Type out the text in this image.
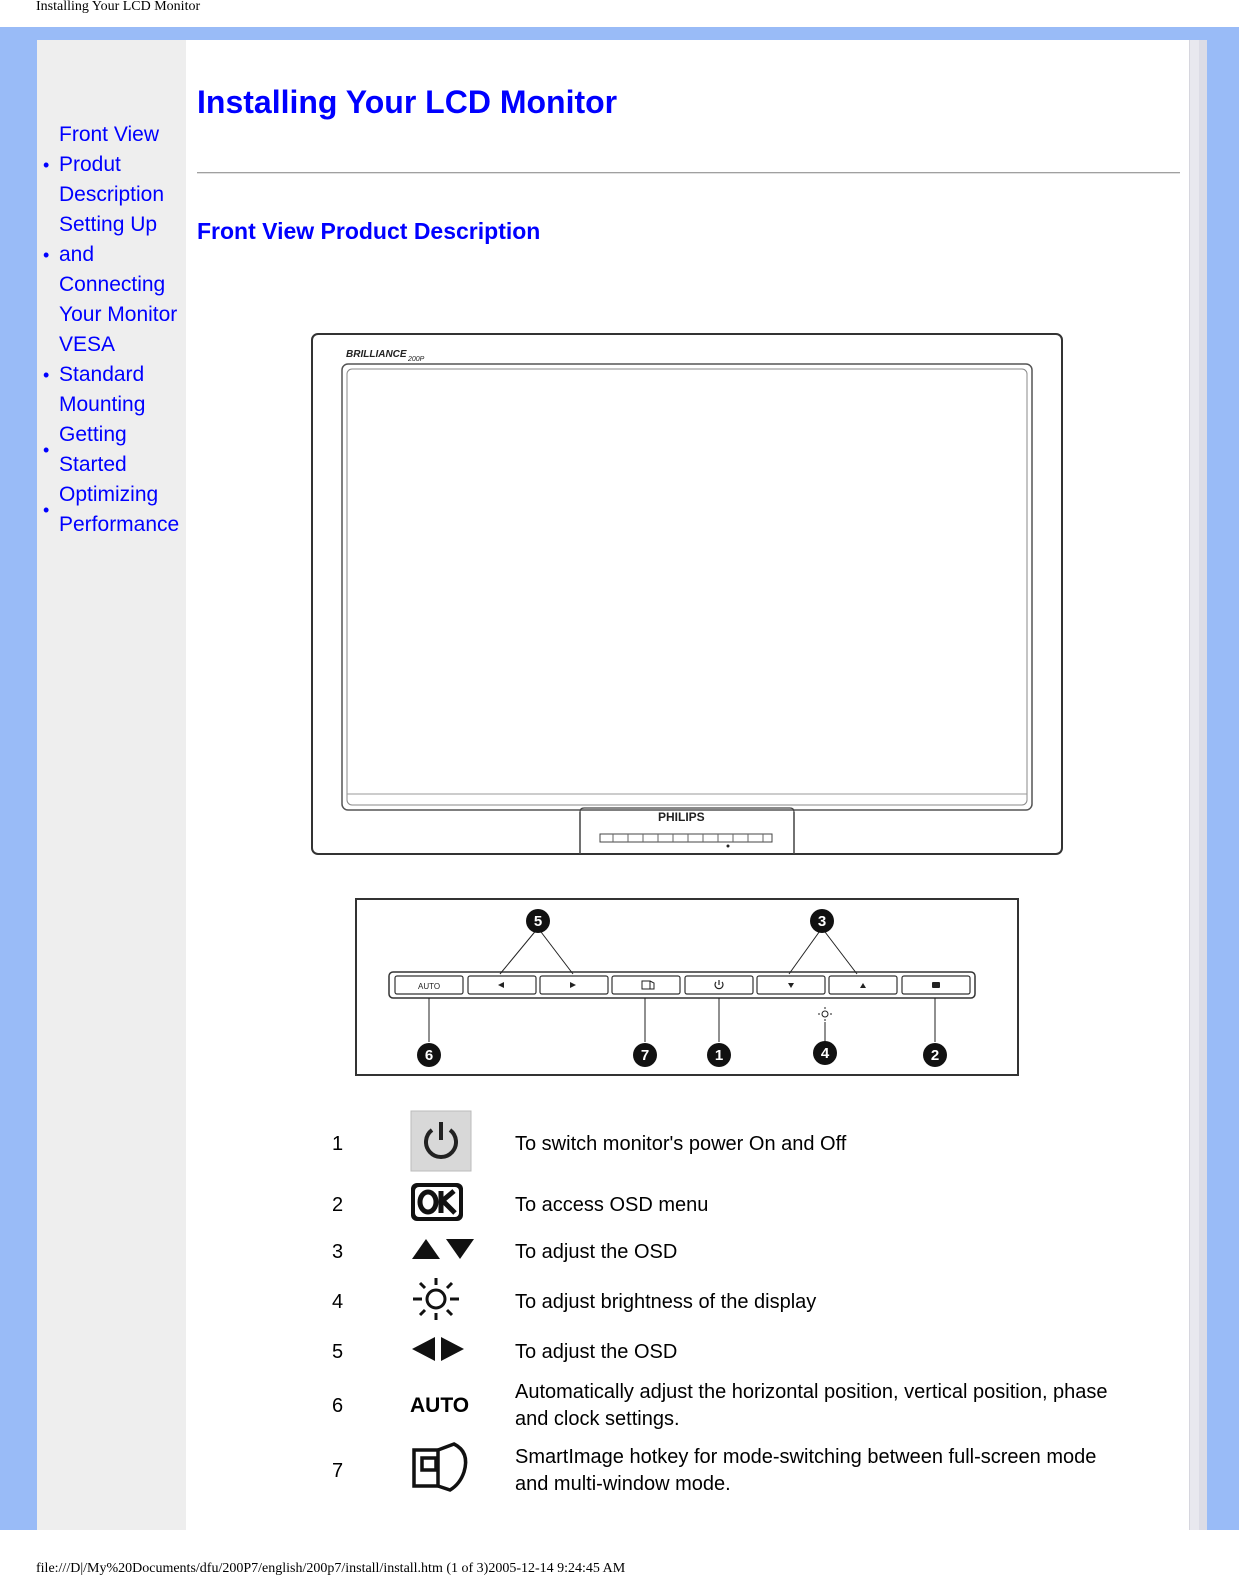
Installing Your LCD Monitor
•
Front View
Produt
Description
•
Setting Up
and
Connecting
Your Monitor
•
VESA
Standard
Mounting
•
Getting
Started
•
Optimizing
Performance
Installing Your LCD Monitor
Front View Product Description
BRILLIANCE 200P
PHILIPS
AUTO
5	3
6	7	1	4	2
1		To switch monitor's power On and Off
2		To access OSD menu
3		To adjust the OSD
4		To adjust brightness of the display
5		To adjust the OSD
6	AUTO	Automatically adjust the horizontal position, vertical position, phase and clock settings.
7		SmartImage hotkey for mode-switching between full-screen mode and multi-window mode.
file:///D|/My%20Documents/dfu/200P7/english/200p7/install/install.htm (1 of 3)2005-12-14 9:24:45 AM
